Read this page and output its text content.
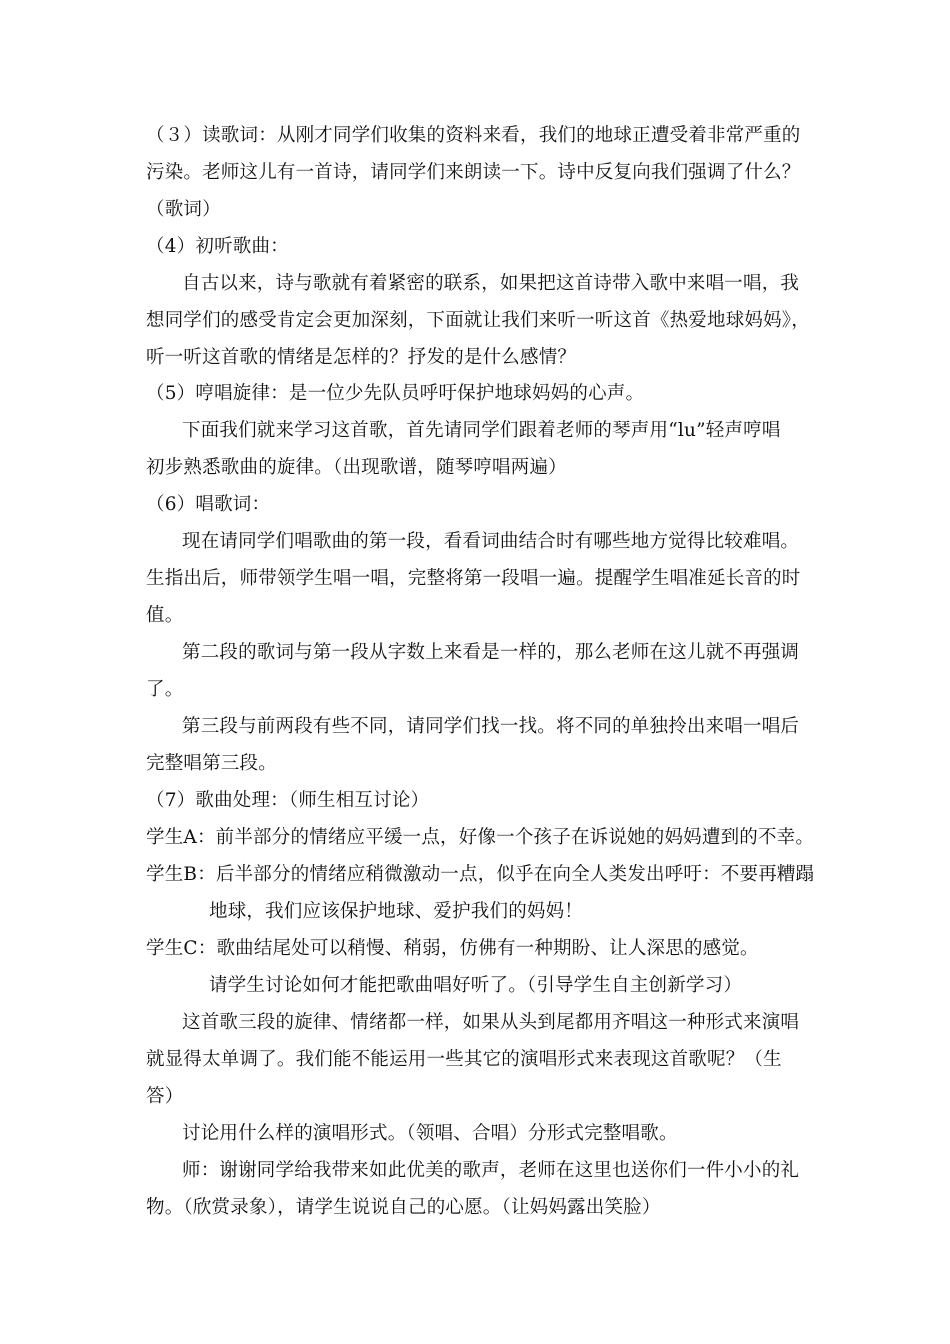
（３）读歌词：从刚才同学们收集的资料来看，我们的地球正遭受着非常严重的
污染。老师这儿有一首诗，请同学们来朗读一下。诗中反复向我们强调了什么？
（歌词）
（4）初听歌曲：
自古以来，诗与歌就有着紧密的联系，如果把这首诗带入歌中来唱一唱，我
想同学们的感受肯定会更加深刻，下面就让我们来听一听这首《热爱地球妈妈》，
听一听这首歌的情绪是怎样的？抒发的是什么感情？
（5）哼唱旋律：是一位少先队员呼吁保护地球妈妈的心声。
下面我们就来学习这首歌，首先请同学们跟着老师的琴声用“lu”轻声哼唱
初步熟悉歌曲的旋律。（出现歌谱，随琴哼唱两遍）
（6）唱歌词：
现在请同学们唱歌曲的第一段，看看词曲结合时有哪些地方觉得比较难唱。
生指出后，师带领学生唱一唱，完整将第一段唱一遍。提醒学生唱准延长音的时
值。
第二段的歌词与第一段从字数上来看是一样的，那么老师在这儿就不再强调
了。
第三段与前两段有些不同，请同学们找一找。将不同的单独拎出来唱一唱后
完整唱第三段。
（7）歌曲处理：（师生相互讨论）
学生A：前半部分的情绪应平缓一点，好像一个孩子在诉说她的妈妈遭到的不幸。
学生B：后半部分的情绪应稍微激动一点，似乎在向全人类发出呼吁：不要再糟蹋
地球，我们应该保护地球、爱护我们的妈妈！
学生C：歌曲结尾处可以稍慢、稍弱，仿佛有一种期盼、让人深思的感觉。
请学生讨论如何才能把歌曲唱好听了。（引导学生自主创新学习）
这首歌三段的旋律、情绪都一样，如果从头到尾都用齐唱这一种形式来演唱
就显得太单调了。我们能不能运用一些其它的演唱形式来表现这首歌呢？（生
答）
讨论用什么样的演唱形式。（领唱、合唱）分形式完整唱歌。
师：谢谢同学给我带来如此优美的歌声，老师在这里也送你们一件小小的礼
物。（欣赏录象），请学生说说自己的心愿。（让妈妈露出笑脸）
